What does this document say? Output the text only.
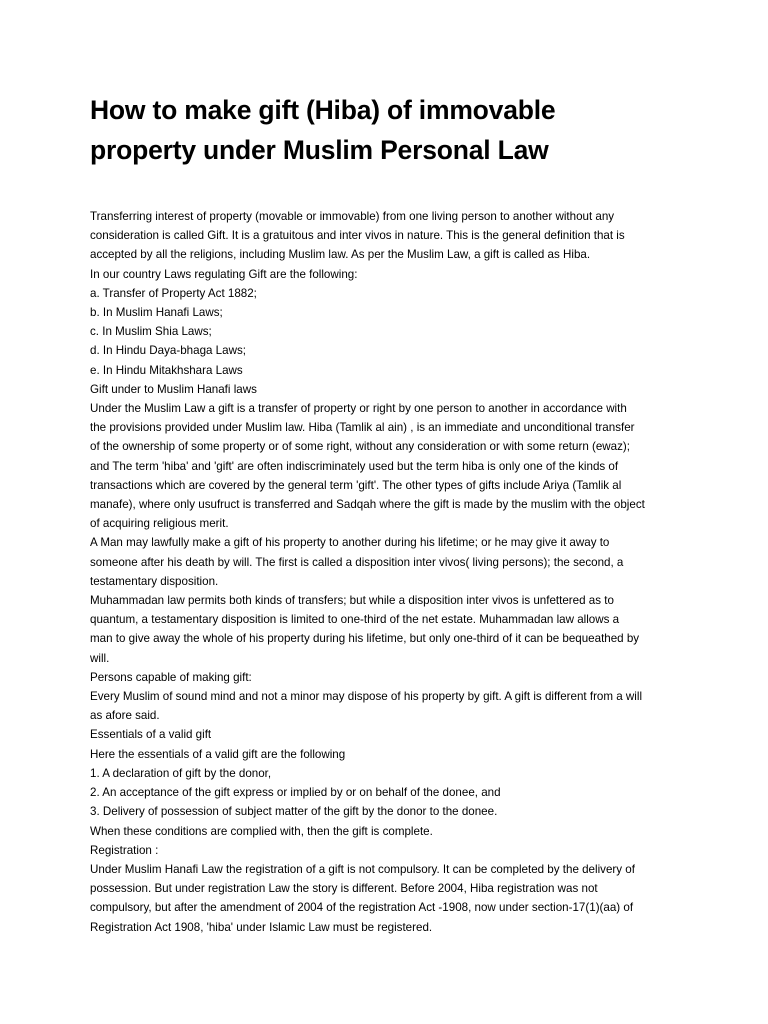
How to make gift (Hiba) of immovable
property under Muslim Personal Law

Transferring interest of property (movable or immovable) from one living person to another without any

consideration is called Gift. It is a gratuitous and inter vivos in nature. This is the general definition that is

accepted by all the religions, including Muslim law. As per the Muslim Law, a gift is called as Hiba.

In our country Laws regulating Gift are the following:

a. Transfer of Property Act 1882;

b. In Muslim Hanafi Laws;

c. In Muslim Shia Laws;

d. In Hindu Daya-bhaga Laws;

e. In Hindu Mitakhshara Laws

Gift under to Muslim Hanafi laws

Under the Muslim Law a gift is a transfer of property or right by one person to another in accordance with

the provisions provided under Muslim law. Hiba (Tamlik al ain) , is an immediate and unconditional transfer

of the ownership of some property or of some right, without any consideration or with some return (ewaz);

and The term 'hiba' and 'gift' are often indiscriminately used but the term hiba is only one of the kinds of

transactions which are covered by the general term 'gift'. The other types of gifts include Ariya (Tamlik al

manafe), where only usufruct is transferred and Sadqah where the gift is made by the muslim with the object

of acquiring religious merit.

A Man may lawfully make a gift of his property to another during his lifetime; or he may give it away to

someone after his death by will. The first is called a disposition inter vivos( living persons); the second, a

testamentary disposition.

Muhammadan law permits both kinds of transfers; but while a disposition inter vivos is unfettered as to

quantum, a testamentary disposition is limited to one-third of the net estate. Muhammadan law allows a

man to give away the whole of his property during his lifetime, but only one-third of it can be bequeathed by

will.

Persons capable of making gift:

Every Muslim of sound mind and not a minor may dispose of his property by gift. A gift is different from a will

as afore said.

Essentials of a valid gift

Here the essentials of a valid gift are the following

1. A declaration of gift by the donor,

2. An acceptance of the gift express or implied by or on behalf of the donee, and

3. Delivery of possession of subject matter of the gift by the donor to the donee.

When these conditions are complied with, then the gift is complete.

Registration :

Under Muslim Hanafi Law the registration of a gift is not compulsory. It can be completed by the delivery of

possession. But under registration Law the story is different. Before 2004, Hiba registration was not

compulsory, but after the amendment of 2004 of the registration Act -1908, now under section-17(1)(aa) of

Registration Act 1908, 'hiba' under Islamic Law must be registered.
